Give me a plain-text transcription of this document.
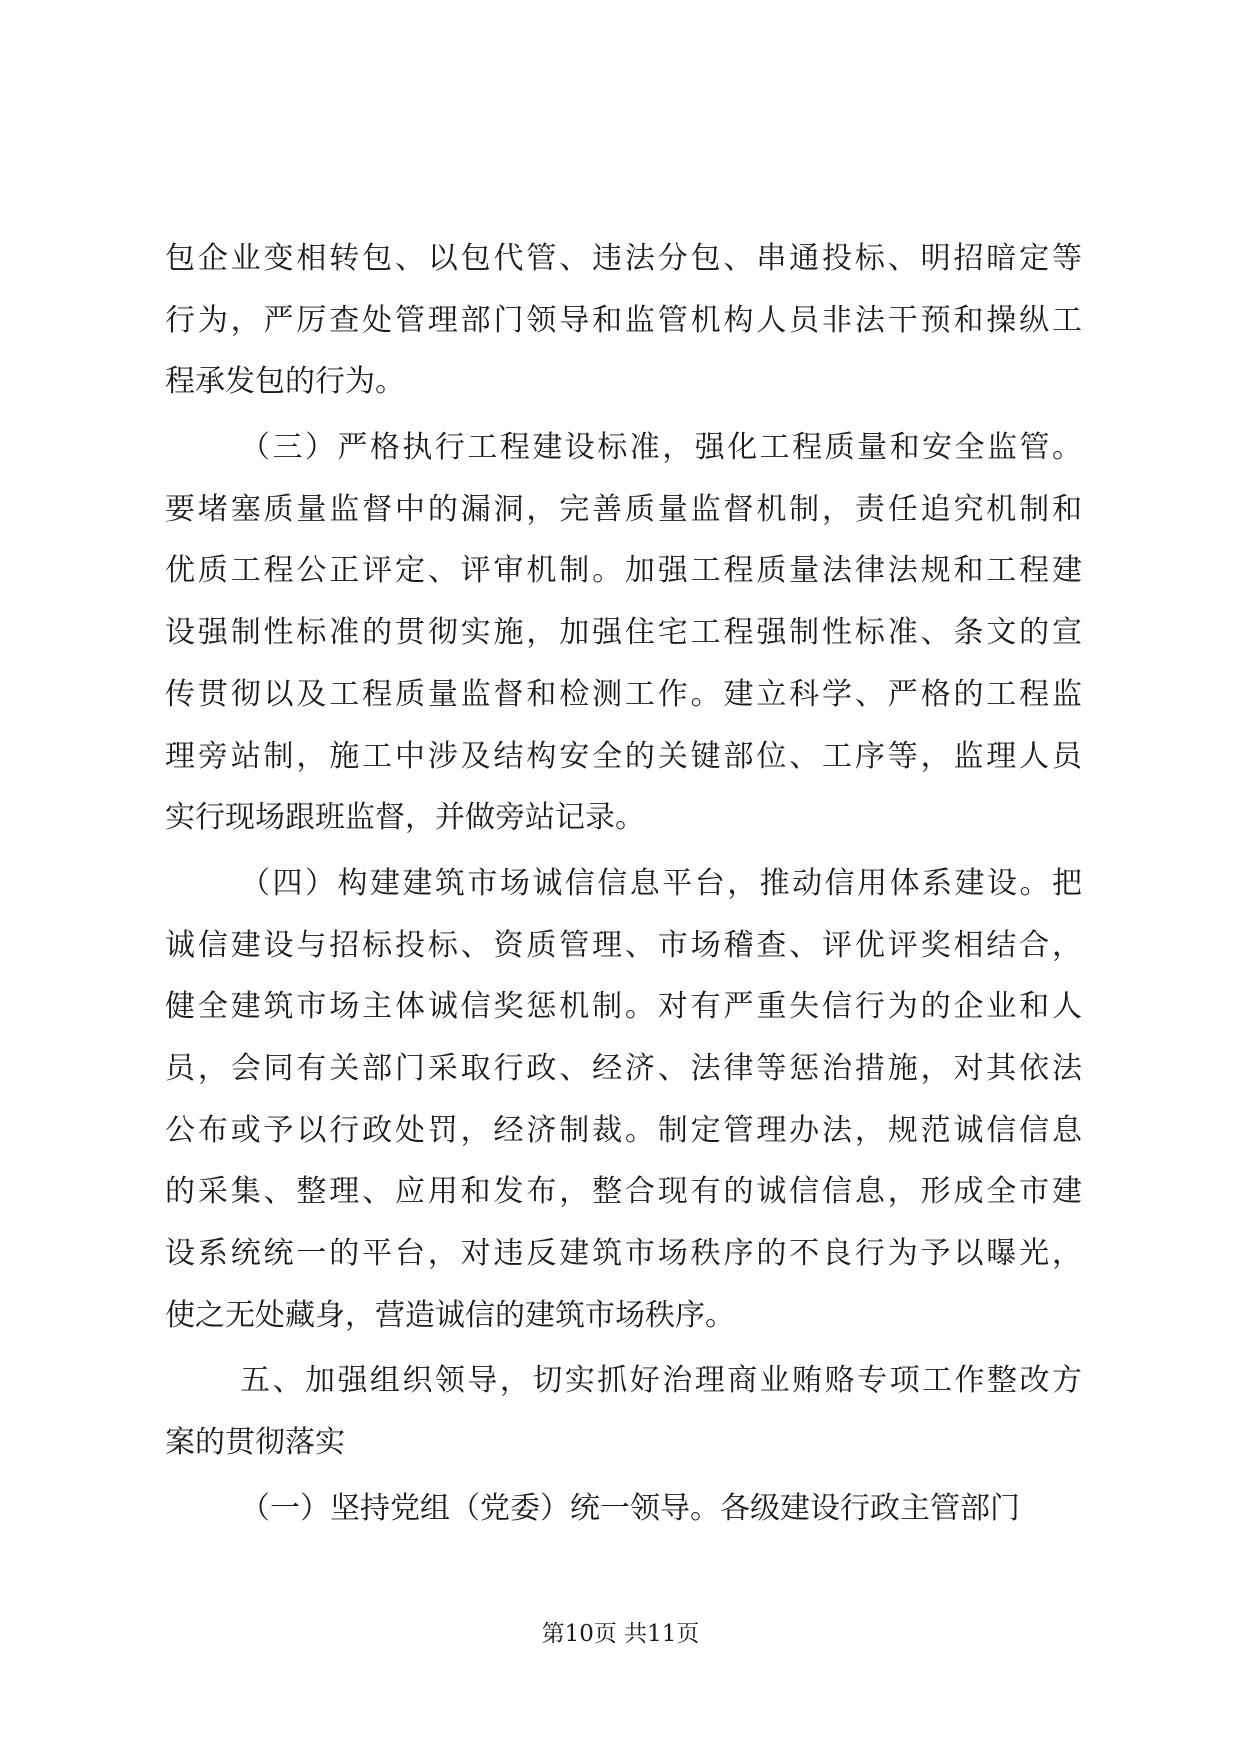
包企业变相转包、以包代管、违法分包、串通投标、明招暗定等
行为，严厉查处管理部门领导和监管机构人员非法干预和操纵工
程承发包的行为。
（三）严格执行工程建设标准，强化工程质量和安全监管。
要堵塞质量监督中的漏洞，完善质量监督机制，责任追究机制和
优质工程公正评定、评审机制。加强工程质量法律法规和工程建
设强制性标准的贯彻实施，加强住宅工程强制性标准、条文的宣
传贯彻以及工程质量监督和检测工作。建立科学、严格的工程监
理旁站制，施工中涉及结构安全的关键部位、工序等，监理人员
实行现场跟班监督，并做旁站记录。
（四）构建建筑市场诚信信息平台，推动信用体系建设。把
诚信建设与招标投标、资质管理、市场稽查、评优评奖相结合，
健全建筑市场主体诚信奖惩机制。对有严重失信行为的企业和人
员，会同有关部门采取行政、经济、法律等惩治措施，对其依法
公布或予以行政处罚，经济制裁。制定管理办法，规范诚信信息
的采集、整理、应用和发布，整合现有的诚信信息，形成全市建
设系统统一的平台，对违反建筑市场秩序的不良行为予以曝光，
使之无处藏身，营造诚信的建筑市场秩序。
五、加强组织领导，切实抓好治理商业贿赂专项工作整改方
案的贯彻落实
（一）坚持党组（党委）统一领导。各级建设行政主管部门
第10页 共11页
